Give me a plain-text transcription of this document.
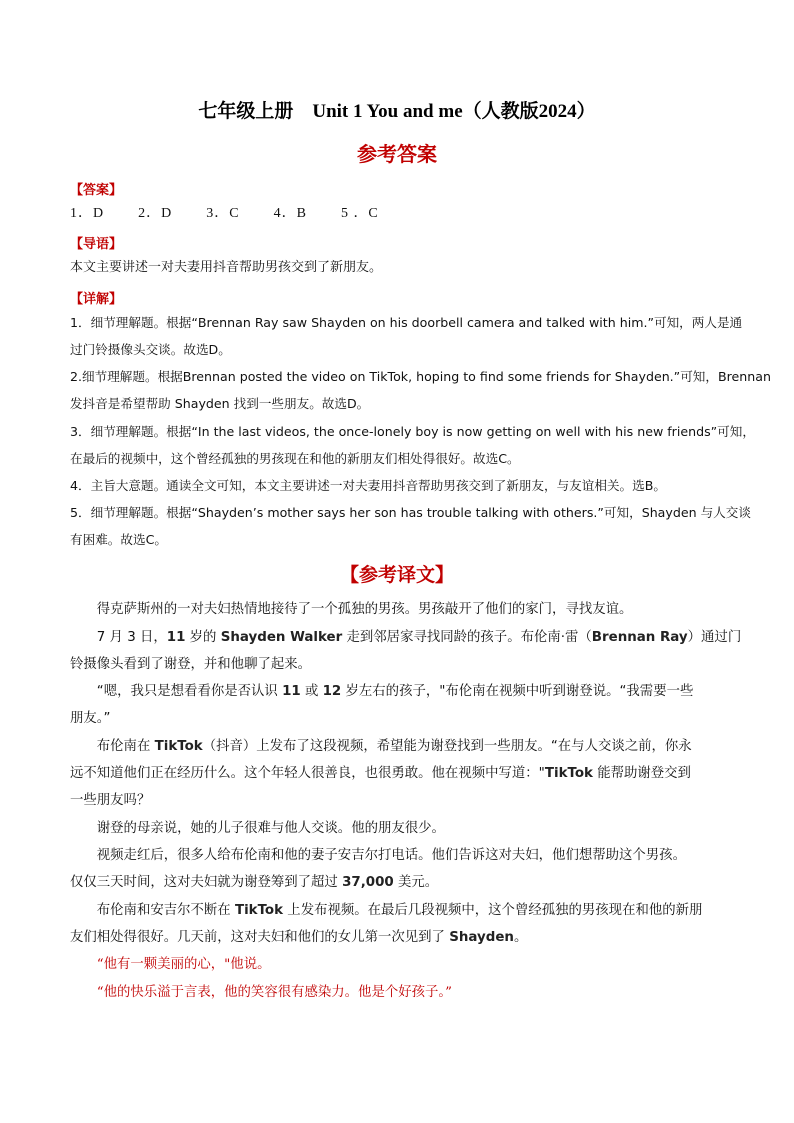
七年级上册　Unit 1 You and me（人教版2024）
参考答案
【答案】
1．D 2．D 3．C 4．B 5 ．C
【导语】
本文主要讲述一对夫妻用抖音帮助男孩交到了新朋友。
【详解】
1．细节理解题。根据“Brennan Ray saw Shayden on his doorbell camera and talked with him.”可知，两人是通
过门铃摄像头交谈。故选D。
2.细节理解题。根据Brennan posted the video on TikTok, hoping to find some friends for Shayden.”可知，Brennan
发抖音是希望帮助 Shayden 找到一些朋友。故选D。
3．细节理解题。根据“In the last videos, the once-lonely boy is now getting on well with his new friends”可知，
在最后的视频中，这个曾经孤独的男孩现在和他的新朋友们相处得很好。故选C。
4．主旨大意题。通读全文可知，本文主要讲述一对夫妻用抖音帮助男孩交到了新朋友，与友谊相关。选B。
5．细节理解题。根据“Shayden’s mother says her son has trouble talking with others.”可知，Shayden 与人交谈
有困难。故选C。
【参考译文】
　　得克萨斯州的一对夫妇热情地接待了一个孤独的男孩。男孩敲开了他们的家门，寻找友谊。
　　7 月 3 日，11 岁的 Shayden Walker 走到邻居家寻找同龄的孩子。布伦南·雷（Brennan Ray）通过门
铃摄像头看到了谢登，并和他聊了起来。
　　“嗯，我只是想看看你是否认识 11 或 12 岁左右的孩子，"布伦南在视频中听到谢登说。“我需要一些
朋友。”
　　布伦南在 TikTok（抖音）上发布了这段视频，希望能为谢登找到一些朋友。“在与人交谈之前，你永
远不知道他们正在经历什么。这个年轻人很善良，也很勇敢。他在视频中写道："TikTok 能帮助谢登交到
一些朋友吗？
　　谢登的母亲说，她的儿子很难与他人交谈。他的朋友很少。
　　视频走红后，很多人给布伦南和他的妻子安吉尔打电话。他们告诉这对夫妇，他们想帮助这个男孩。
仅仅三天时间，这对夫妇就为谢登筹到了超过 37,000 美元。
　　布伦南和安吉尔不断在 TikTok 上发布视频。在最后几段视频中，这个曾经孤独的男孩现在和他的新朋
友们相处得很好。几天前，这对夫妇和他们的女儿第一次见到了 Shayden。
　　“他有一颗美丽的心，"他说。
　　“他的快乐溢于言表，他的笑容很有感染力。他是个好孩子。”
